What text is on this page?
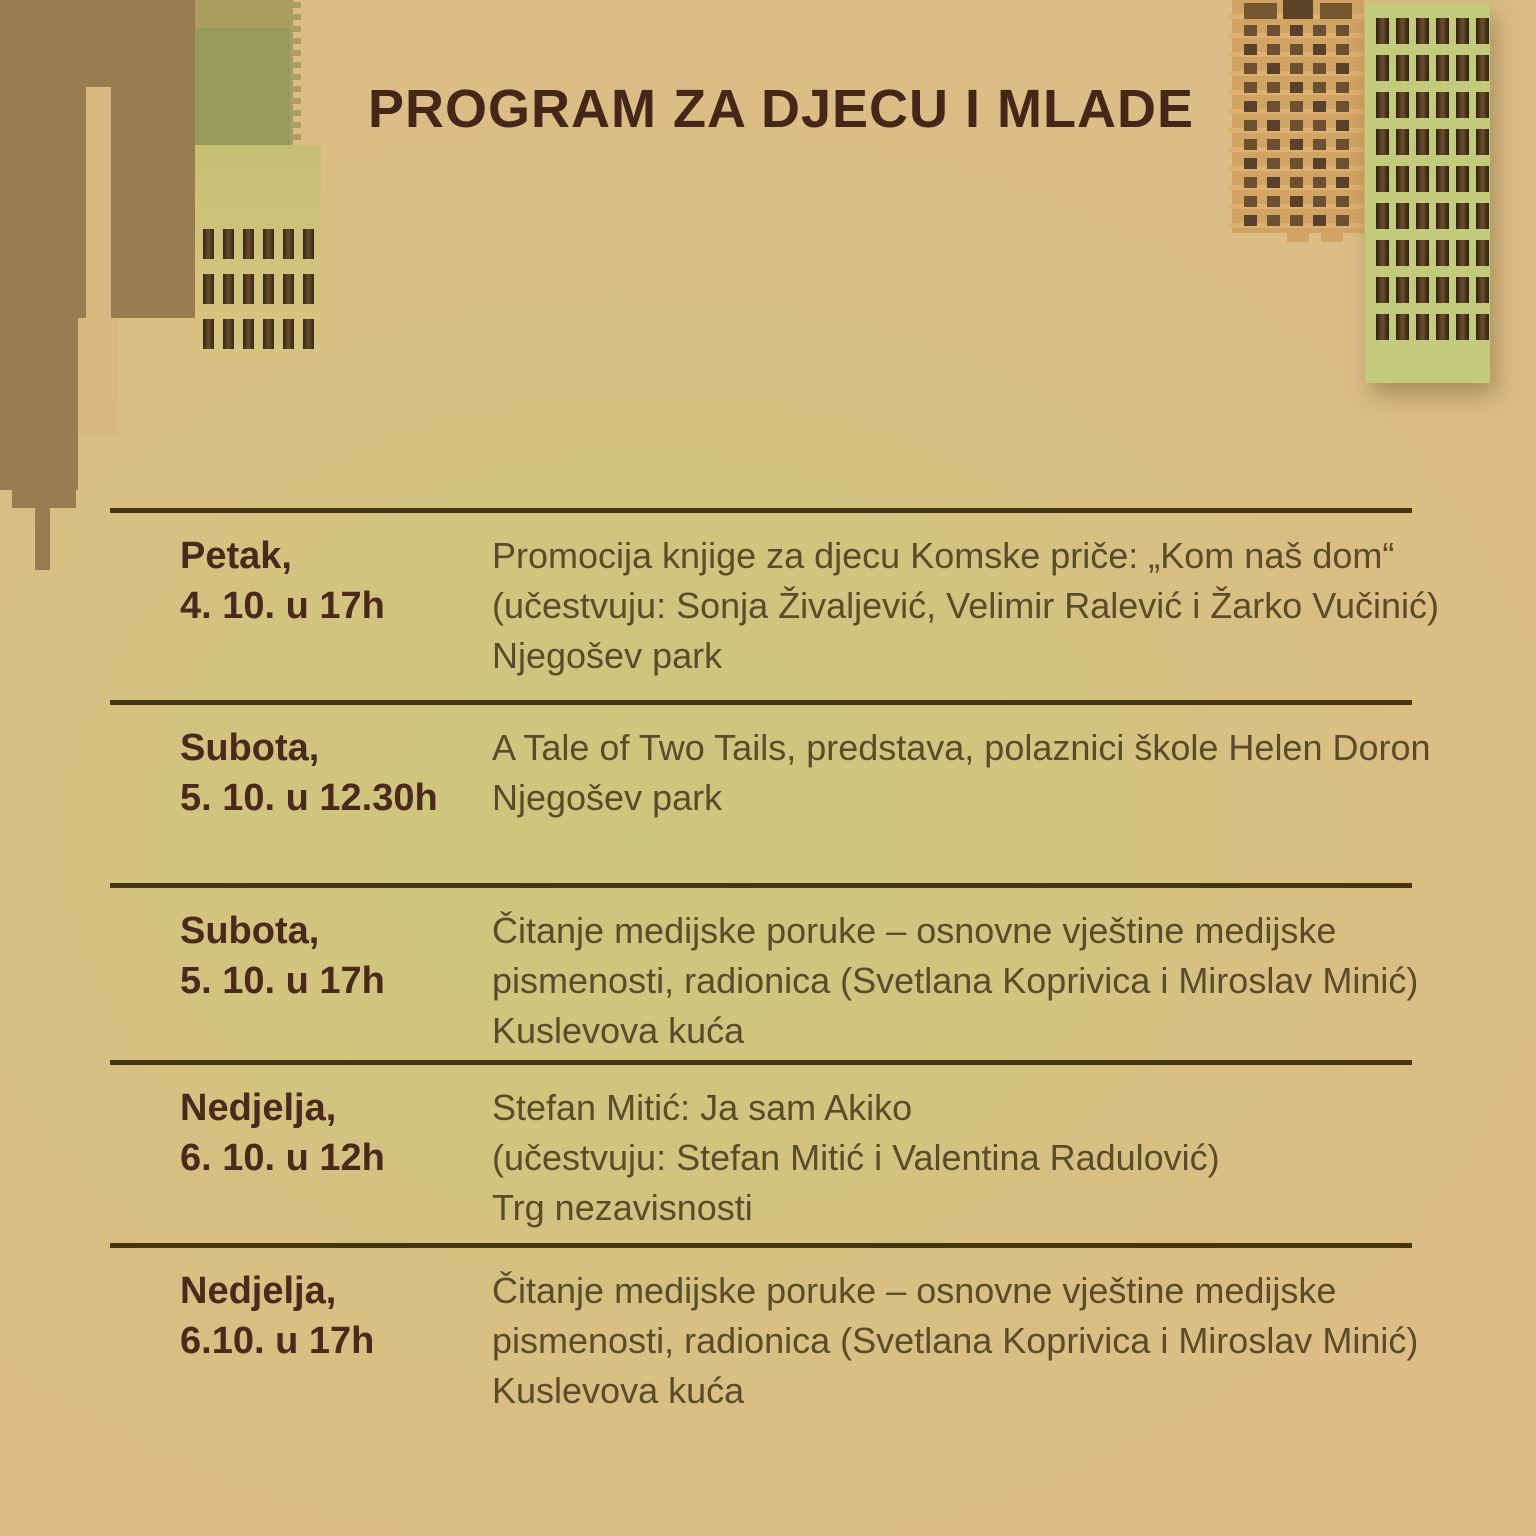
PROGRAM ZA DJECU I MLADE
Petak,
4. 10. u 17h
Promocija knjige za djecu Komske priče: „Kom naš dom“
(učestvuju: Sonja Živaljević, Velimir Ralević i Žarko Vučinić)
Njegošev park
Subota,
5. 10. u 12.30h
A Tale of Two Tails, predstava, polaznici škole Helen Doron
Njegošev park
Subota,
5. 10. u 17h
Čitanje medijske poruke – osnovne vještine medijske
pismenosti, radionica (Svetlana Koprivica i Miroslav Minić)
Kuslevova kuća
Nedjelja,
6. 10. u 12h
Stefan Mitić: Ja sam Akiko
(učestvuju: Stefan Mitić i Valentina Radulović)
Trg nezavisnosti
Nedjelja,
6.10. u 17h
Čitanje medijske poruke – osnovne vještine medijske
pismenosti, radionica (Svetlana Koprivica i Miroslav Minić)
Kuslevova kuća
